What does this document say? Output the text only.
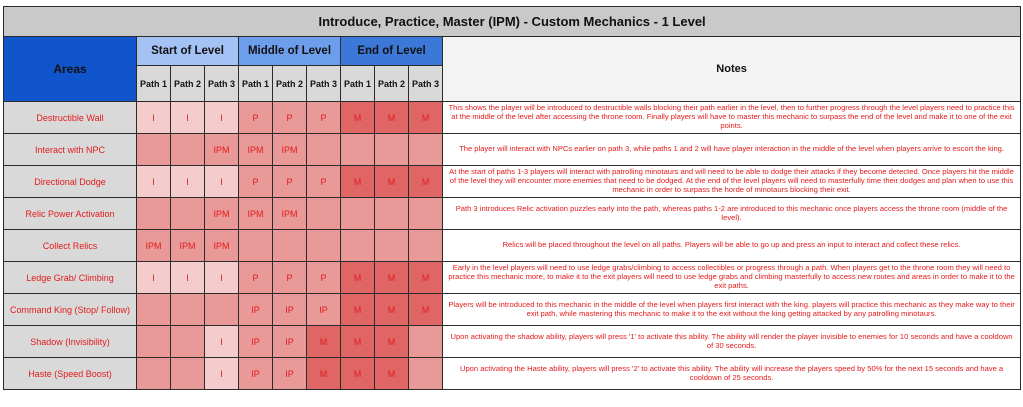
Introduce, Practice, Master (IPM) - Custom Mechanics - 1 Level										
Areas	Start of Level			Middle of Level			End of Level			Notes
	Path 1	Path 2	Path 3	Path 1	Path 2	Path 3	Path 1	Path 2	Path 3	
Destructible Wall	I	I	I	P	P	P	M	M	M	This shows the player will be introduced to destructible walls blocking their path earlier in the level, then to further progress through the level players need to practice this at the middle of the level after accessing the throne room. Finally players will have to master this mechanic to surpass the end of the level and make it to one of the exit points.
Interact with NPC			IPM	IPM	IPM					The player will interact with NPCs earlier on path 3, while paths 1 and 2 will have player interaction in the middle of the level when players arrive to escort the king.
Directional Dodge	I	I	I	P	P	P	M	M	M	At the start of paths 1-3 players will interact with patrolling minotaurs and will need to be able to dodge their attacks if they become detected. Once players hit the middle of the level they will encounter more enemies that need to be dodged. At the end of the level players will need to masterfully time their dodges and plan when to use this mechanic in order to surpass the horde of minotaurs blocking their exit.
Relic Power Activation			IPM	IPM	IPM					Path 3 introduces Relic activation puzzles early into the path, whereas paths 1-2 are introduced to this mechanic once players access the throne room (middle of the level).
Collect Relics	IPM	IPM	IPM							Relics will be placed throughout the level on all paths. Players will be able to go up and press an input to interact and collect these relics.
Ledge Grab/ Climbing	I	I	I	P	P	P	M	M	M	Early in the level players will need to use ledge grabs/climbing to access collectibles or progress through a path. When players get to the throne room they will need to practice this mechanic more, to make it to the exit players will need to use ledge grabs and climbing masterfully to access new routes and areas in order to make it to the exit paths.
Command King (Stop/ Follow)				IP	IP	IP	M	M	M	Players will be introduced to this mechanic in the middle of the level when players first interact with the king. players will practice this mechanic as they make way to their exit path, while mastering this mechanic to make it to the exit without the king getting attacked by any patrolling minotaurs.
Shadow (Invisibility)			I	IP	IP	M	M	M		Upon activating the shadow ability, players will press '1' to activate this ability. The ability will render the player invisible to enemies for 10 seconds and have a cooldown of 30 seconds.
Haste (Speed Boost)			I	IP	IP	M	M	M		Upon activating the Haste ability, players will press '2' to activate this ability. The ability will increase the players speed by 50% for the next 15 seconds and have a cooldown of 25 seconds.
